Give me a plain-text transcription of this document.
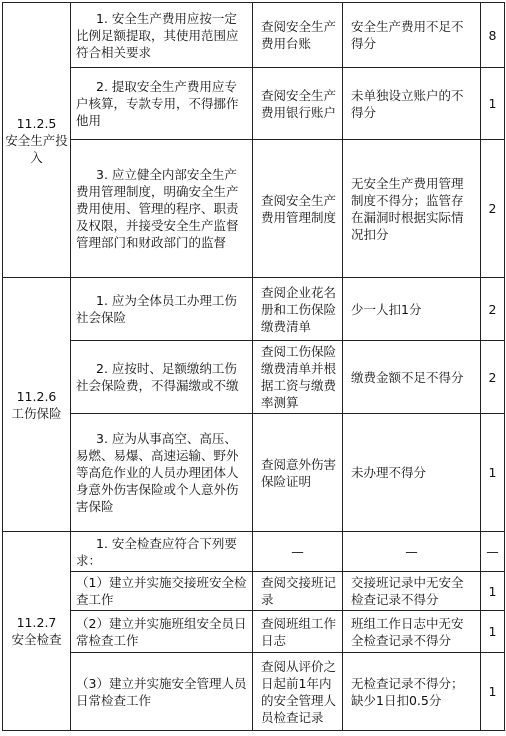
11.2.5
安全生产投入	1. 安全生产费用应按一定比例足额提取，其使用范围应符合相关要求	查阅安全生产费用台账	安全生产费用不足不得分	8
	2. 提取安全生产费用应专户核算，专款专用，不得挪作他用	查阅安全生产费用银行账户	未单独设立账户的不得分	1
	3. 应立健全内部安全生产费用管理制度，明确安全生产费用使用、管理的程序、职责及权限，并接受安全生产监督管理部门和财政部门的监督	查阅安全生产费用管理制度	无安全生产费用管理制度不得分；监管存在漏洞时根据实际情况扣分	2

11.2.6
工伤保险	1. 应为全体员工办理工伤社会保险	查阅企业花名册和工伤保险缴费清单	少一人扣1分	2
	2. 应按时、足额缴纳工伤社会保险费，不得漏缴或不缴	查阅工伤保险缴费清单并根据工资与缴费率测算	缴费金额不足不得分	2
	3. 应为从事高空、高压、易燃、易爆、高速运输、野外等高危作业的人员办理团体人身意外伤害保险或个人意外伤害保险	查阅意外伤害保险证明	未办理不得分	1

11.2.7
安全检查	1. 安全检查应符合下列要求：	—	—	—
	（1）建立并实施交接班安全检查工作	查阅交接班记录	交接班记录中无安全检查记录不得分	1
	（2）建立并实施班组安全员日常检查工作	查阅班组工作日志	班组工作日志中无安全检查记录不得分	1
	（3）建立并实施安全管理人员日常检查工作	查阅从评价之日起前1年内的安全管理人员检查记录	无检查记录不得分；缺少1日扣0.5分	1
